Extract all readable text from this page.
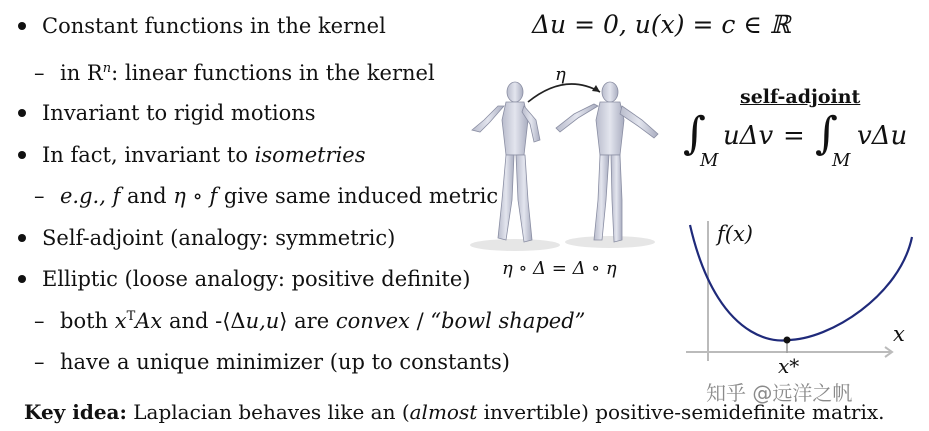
Constant functions in the kernel
– in $R^n$: linear functions in the kernel
Invariant to rigid motions
In fact, invariant to isometries
– e.g., f and η ∘ f give same induced metric
Self-adjoint (analogy: symmetric)
Elliptic (loose analogy: positive definite)
– both $x^TAx$ and -⟨Δu,u⟩ are convex / “bowl shaped”
– have a unique minimizer (up to constants)
Δu = 0, u(x) = c ∈ ℝ
η
η ∘ Δ = Δ ∘ η
self-adjoint
∫
M
uΔv = ∫
M
vΔu
f(x)
x
x*
知乎 @远洋之帆
Key idea: Laplacian behaves like an (almost invertible) positive-semidefinite matrix.
